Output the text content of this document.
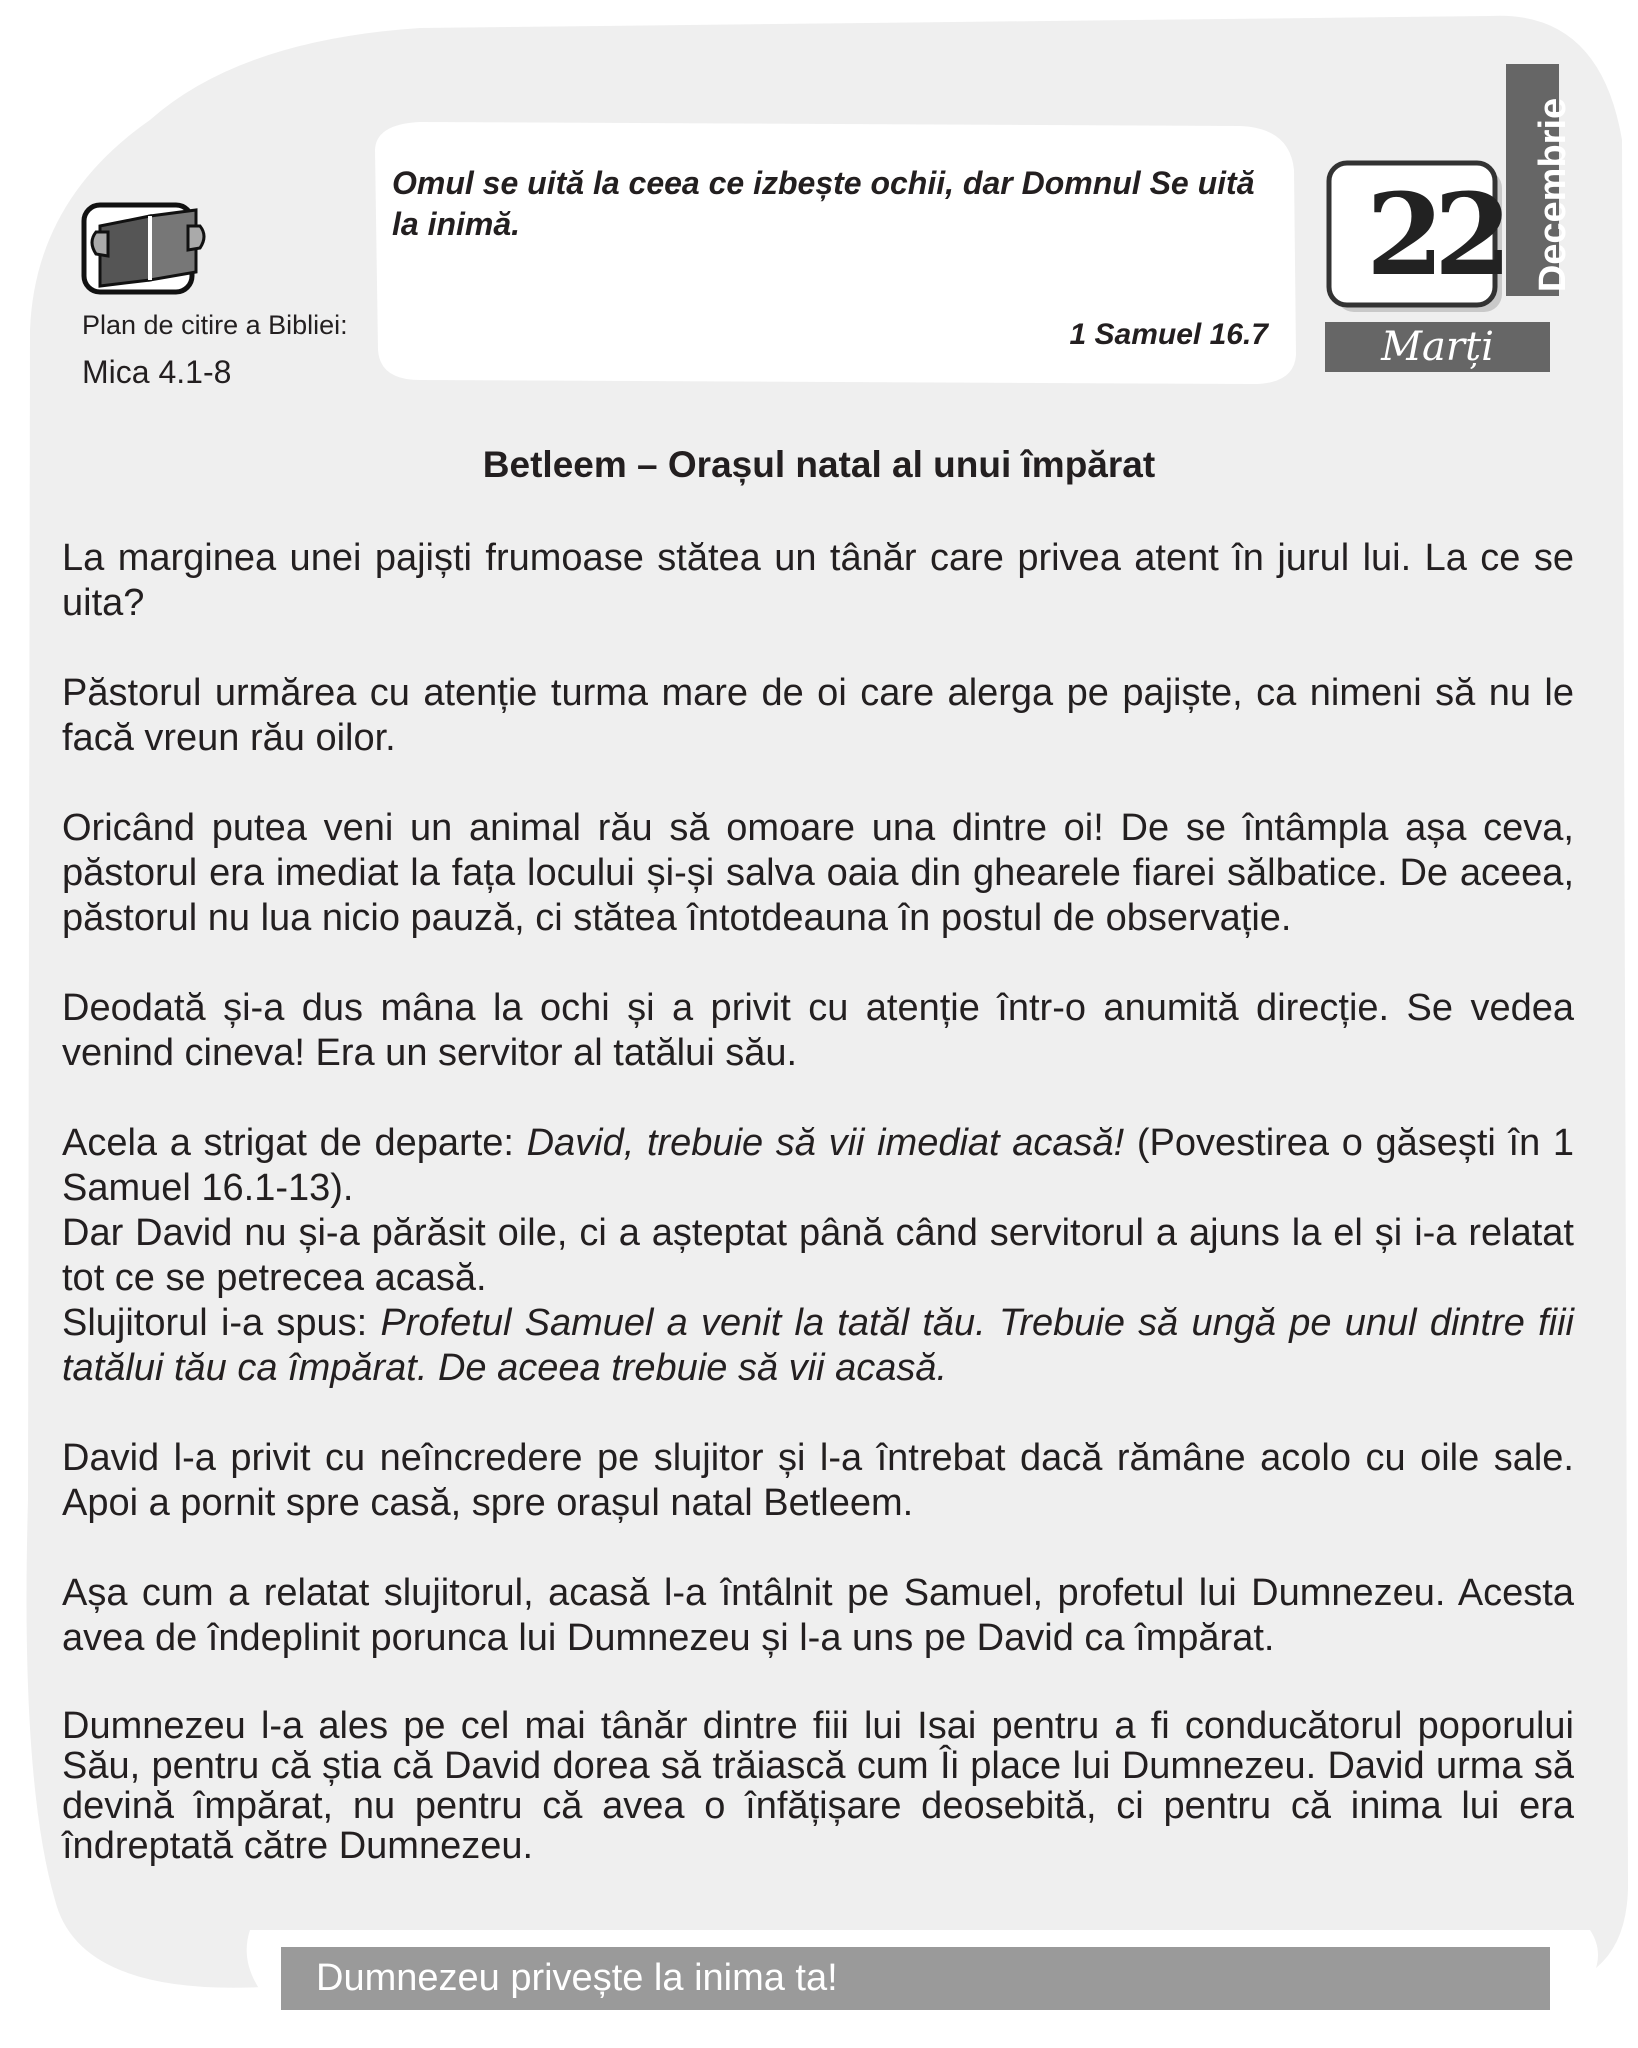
Plan de citire a Bibliei:
Mica 4.1-8
Omul se uită la ceea ce izbește ochii, dar Domnul Se uită la inimă.
1 Samuel 16.7
22
Marți
Decembrie
Betleem – Orașul natal al unui împărat

La marginea unei pajiști frumoase stătea un tânăr care privea atent în jurul lui. La ce se uita?

Păstorul urmărea cu atenție turma mare de oi care alerga pe pajiște, ca nimeni să nu le facă vreun rău oilor.

Oricând putea veni un animal rău să omoare una dintre oi! De se întâmpla așa ceva, păstorul era imediat la fața locului și-și salva oaia din ghearele fiarei sălbatice. De aceea, păstorul nu lua nicio pauză, ci stătea întotdeauna în postul de observație.

Deodată și-a dus mâna la ochi și a privit cu atenție într-o anumită direcție. Se vedea venind cineva! Era un servitor al tatălui său.

Acela a strigat de departe: David, trebuie să vii imediat acasă! (Povestirea o găsești în 1 Samuel 16.1-13).

Dar David nu și-a părăsit oile, ci a așteptat până când servitorul a ajuns la el și i-a relatat tot ce se petrecea acasă.

Slujitorul i-a spus: Profetul Samuel a venit la tatăl tău. Trebuie să ungă pe unul dintre fiii tatălui tău ca împărat. De aceea trebuie să vii acasă.

David l-a privit cu neîncredere pe slujitor și l-a întrebat dacă rămâne acolo cu oile sale. Apoi a pornit spre casă, spre orașul natal Betleem.

Așa cum a relatat slujitorul, acasă l-a întâlnit pe Samuel, profetul lui Dumnezeu. Acesta avea de îndeplinit porunca lui Dumnezeu și l-a uns pe David ca împărat.

Dumnezeu l-a ales pe cel mai tânăr dintre fiii lui Isai pentru a fi conducătorul poporului Său, pentru că știa că David dorea să trăiască cum Îi place lui Dumnezeu. David urma să devină împărat, nu pentru că avea o înfățișare deosebită, ci pentru că inima lui era îndreptată către Dumnezeu.

Dumnezeu privește la inima ta!
